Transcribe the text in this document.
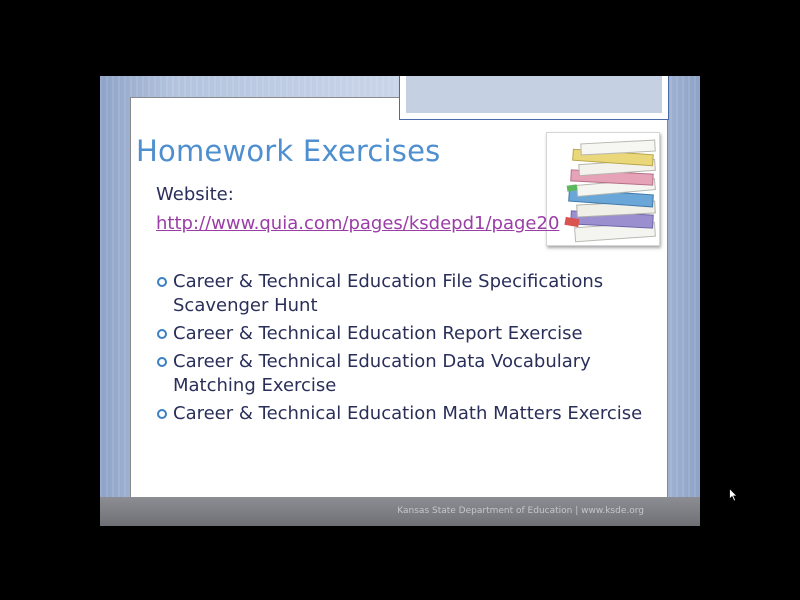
Homework Exercises
Website:
http://www.quia.com/pages/ksdepd1/page20
Career & Technical Education File Specifications Scavenger Hunt
Career & Technical Education Report Exercise
Career & Technical Education Data Vocabulary Matching Exercise
Career & Technical Education Math Matters Exercise
Kansas State Department of Education | www.ksde.org
